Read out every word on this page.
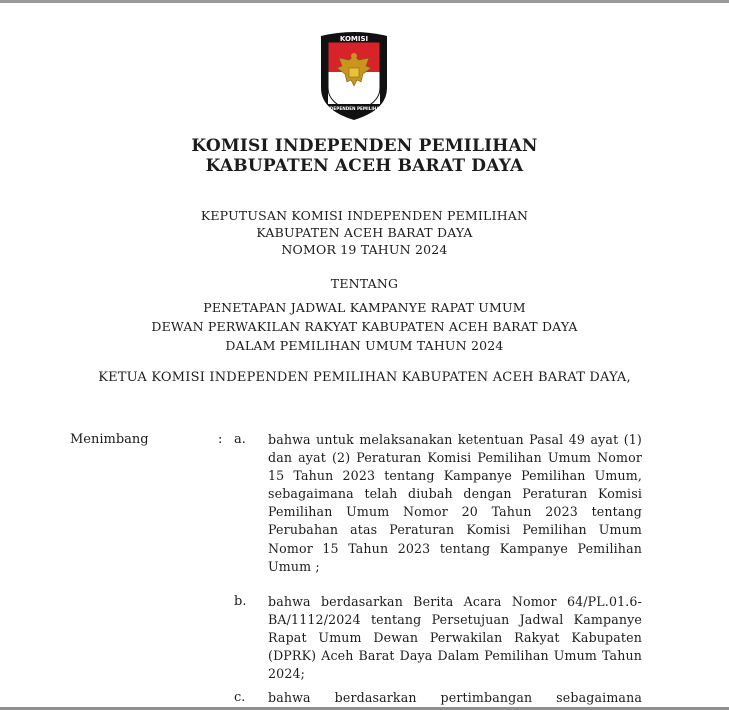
KOMISI
INDEPENDEN PEMILIHAN
KOMISI INDEPENDEN PEMILIHAN
KABUPATEN ACEH BARAT DAYA
KEPUTUSAN KOMISI INDEPENDEN PEMILIHAN
KABUPATEN ACEH BARAT DAYA
NOMOR 19 TAHUN 2024
TENTANG
PENETAPAN JADWAL KAMPANYE RAPAT UMUM
DEWAN PERWAKILAN RAKYAT KABUPATEN ACEH BARAT DAYA
DALAM PEMILIHAN UMUM TAHUN 2024
KETUA KOMISI INDEPENDEN PEMILIHAN KABUPATEN ACEH BARAT DAYA,
Menimbang	: a. bahwa untuk melaksanakan ketentuan Pasal 49 ayat (1) dan ayat (2) Peraturan Komisi Pemilihan Umum Nomor 15 Tahun 2023 tentang Kampanye Pemilihan Umum, sebagaimana telah diubah dengan Peraturan Komisi Pemilihan Umum Nomor 20 Tahun 2023 tentang Perubahan atas Peraturan Komisi Pemilihan Umum Nomor 15 Tahun 2023 tentang Kampanye Pemilihan Umum ;
b. bahwa berdasarkan Berita Acara Nomor 64/PL.01.6-BA/1112/2024 tentang Persetujuan Jadwal Kampanye Rapat Umum Dewan Perwakilan Rakyat Kabupaten (DPRK) Aceh Barat Daya Dalam Pemilihan Umum Tahun 2024;
c. bahwa berdasarkan pertimbangan sebagaimana
